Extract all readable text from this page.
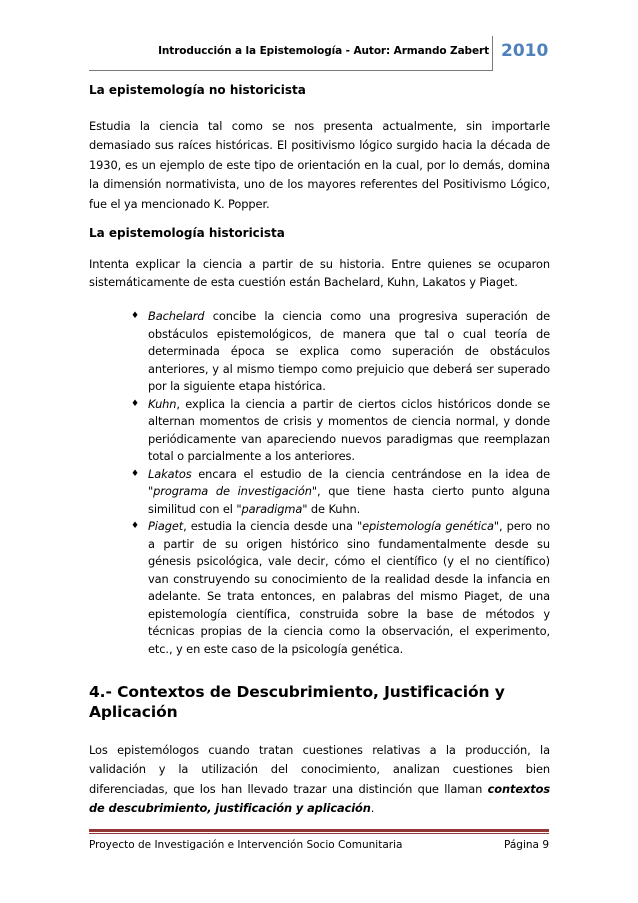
Introducción a la Epistemología - Autor: Armando Zabert 2010
La epistemología no historicista

Estudia la ciencia tal como se nos presenta actualmente, sin importarle demasiado sus raíces históricas. El positivismo lógico surgido hacia la década de 1930, es un ejemplo de este tipo de orientación en la cual, por lo demás, domina la dimensión normativista, uno de los mayores referentes del Positivismo Lógico, fue el ya mencionado K. Popper.

La epistemología historicista

Intenta explicar la ciencia a partir de su historia. Entre quienes se ocuparon sistemáticamente de esta cuestión están Bachelard, Kuhn, Lakatos y Piaget.

♦ Bachelard concibe la ciencia como una progresiva superación de obstáculos epistemológicos, de manera que tal o cual teoría de determinada época se explica como superación de obstáculos anteriores, y al mismo tiempo como prejuicio que deberá ser superado por la siguiente etapa histórica.
♦ Kuhn, explica la ciencia a partir de ciertos ciclos históricos donde se alternan momentos de crisis y momentos de ciencia normal, y donde periódicamente van apareciendo nuevos paradigmas que reemplazan total o parcialmente a los anteriores.
♦ Lakatos encara el estudio de la ciencia centrándose en la idea de "programa de investigación", que tiene hasta cierto punto alguna similitud con el "paradigma" de Kuhn.
♦ Piaget, estudia la ciencia desde una "epistemología genética", pero no a partir de su origen histórico sino fundamentalmente desde su génesis psicológica, vale decir, cómo el científico (y el no científico) van construyendo su conocimiento de la realidad desde la infancia en adelante. Se trata entonces, en palabras del mismo Piaget, de una epistemología científica, construida sobre la base de métodos y técnicas propias de la ciencia como la observación, el experimento, etc., y en este caso de la psicología genética.
4.- Contextos de Descubrimiento, Justificación y Aplicación

Los epistemólogos cuando tratan cuestiones relativas a la producción, la validación y la utilización del conocimiento, analizan cuestiones bien diferenciadas, que los han llevado trazar una distinción que llaman contextos de descubrimiento, justificación y aplicación.

Proyecto de Investigación e Intervención Socio Comunitaria	Página 9
